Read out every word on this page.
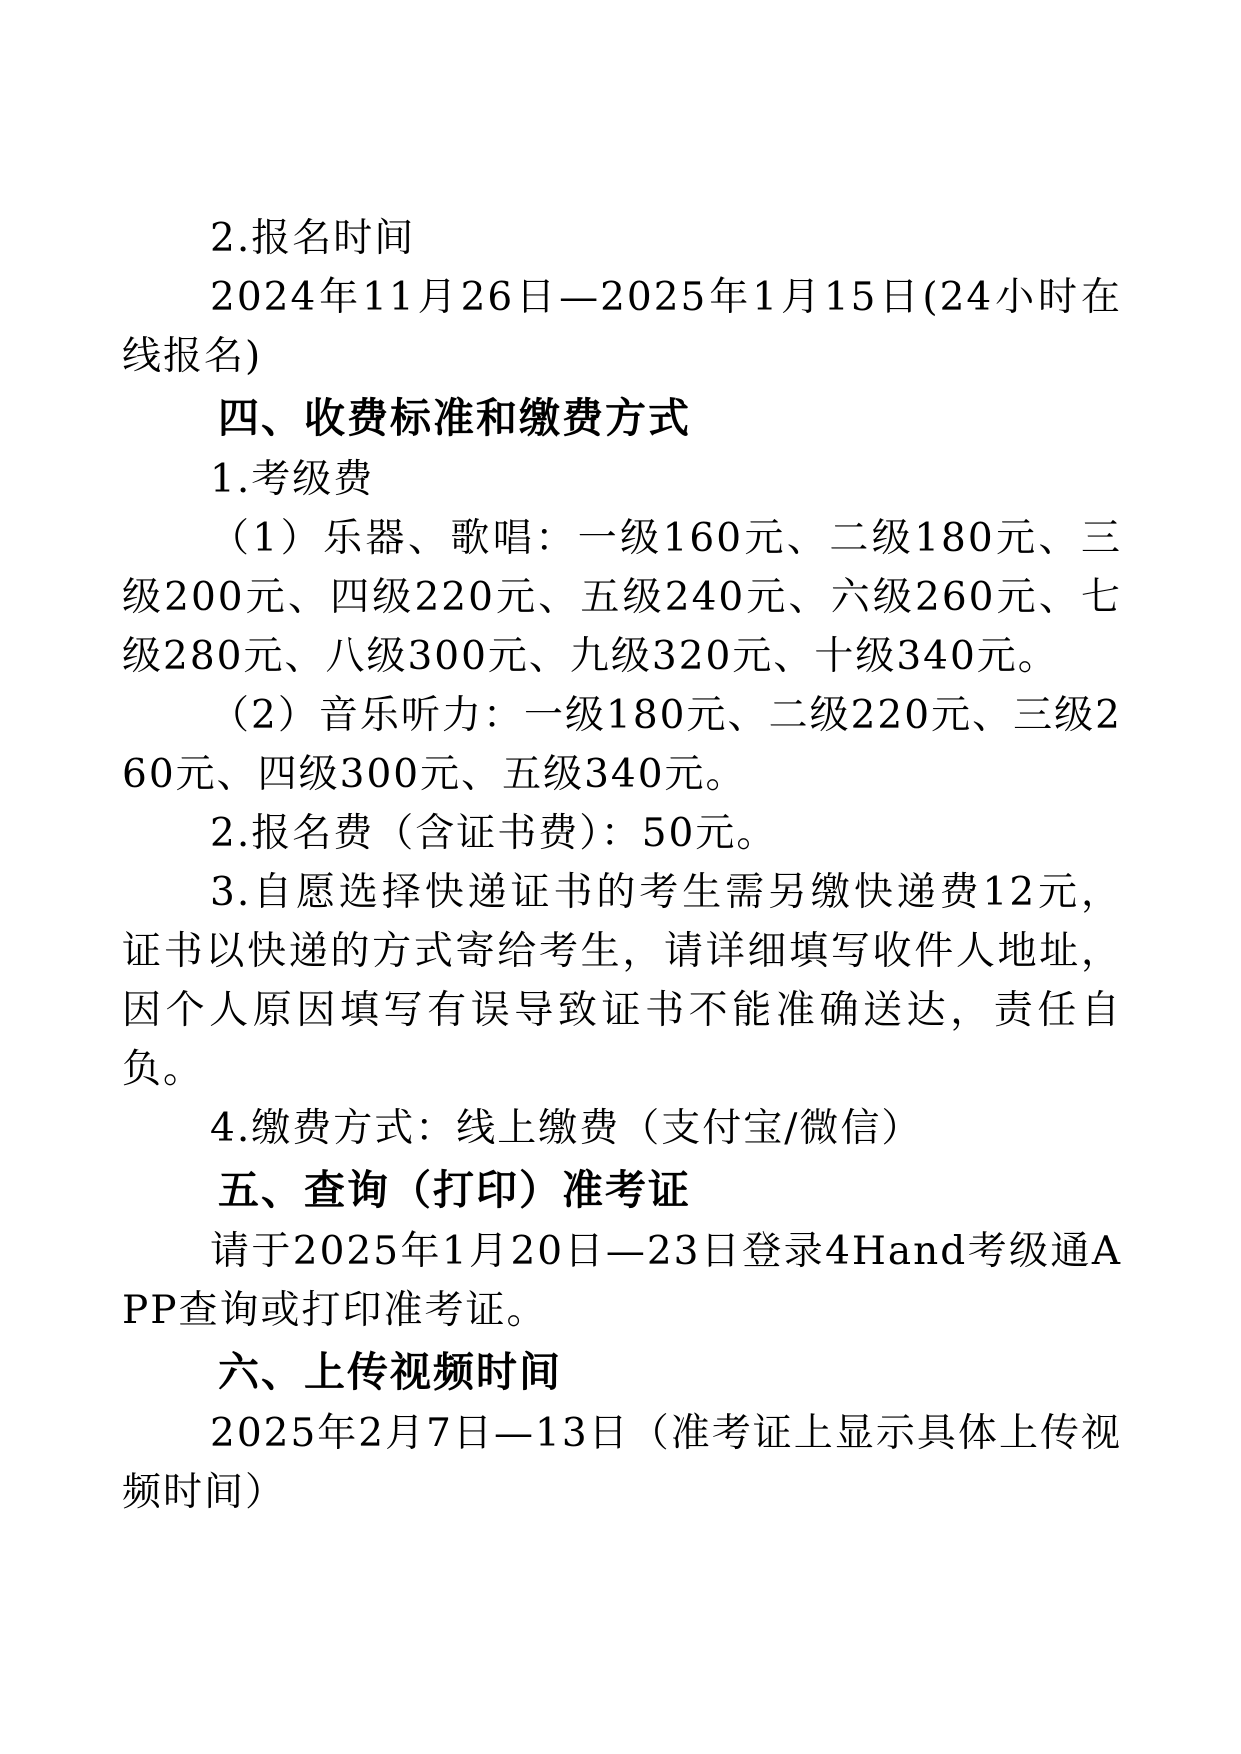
2.报名时间

2024年11月26日—2025年1月15日(24小时在线报名)

四、收费标准和缴费方式

1.考级费

（1）乐器、歌唱：一级160元、二级180元、三级200元、四级220元、五级240元、六级260元、七级280元、八级300元、九级320元、十级340元。

（2）音乐听力：一级180元、二级220元、三级260元、四级300元、五级340元。

2.报名费（含证书费）：50元。

3.自愿选择快递证书的考生需另缴快递费12元，证书以快递的方式寄给考生，请详细填写收件人地址，因个人原因填写有误导致证书不能准确送达，责任自负。

4.缴费方式：线上缴费（支付宝/微信）

五、查询（打印）准考证

请于2025年1月20日—23日登录4Hand考级通APP查询或打印准考证。

六、上传视频时间

2025年2月7日—13日（准考证上显示具体上传视频时间）
